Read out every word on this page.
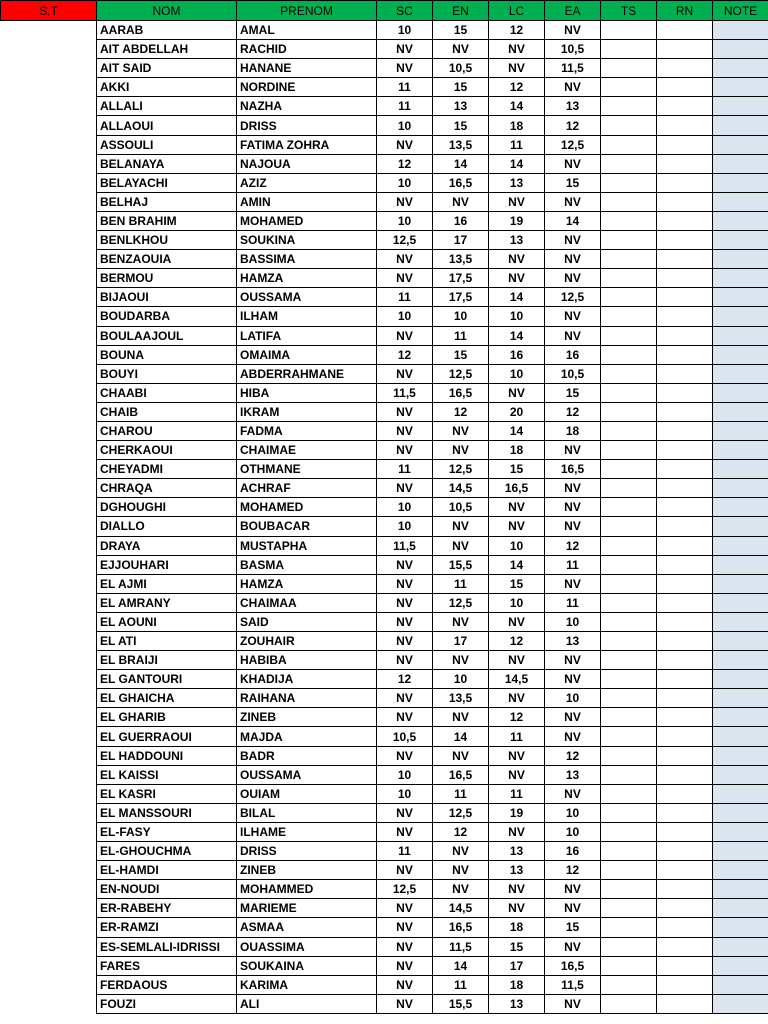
S.T	NOM	PRENOM	SC	EN	LC	EA	TS	RN	NOTE
	AARAB	AMAL	10	15	12	NV			
	AIT ABDELLAH	RACHID	NV	NV	NV	10,5			
	AIT SAID	HANANE	NV	10,5	NV	11,5			
	AKKI	NORDINE	11	15	12	NV			
	ALLALI	NAZHA	11	13	14	13			
	ALLAOUI	DRISS	10	15	18	12			
	ASSOULI	FATIMA ZOHRA	NV	13,5	11	12,5			
	BELANAYA	NAJOUA	12	14	14	NV			
	BELAYACHI	AZIZ	10	16,5	13	15			
	BELHAJ	AMIN	NV	NV	NV	NV			
	BEN BRAHIM	MOHAMED	10	16	19	14			
	BENLKHOU	SOUKINA	12,5	17	13	NV			
	BENZAOUIA	BASSIMA	NV	13,5	NV	NV			
	BERMOU	HAMZA	NV	17,5	NV	NV			
	BIJAOUI	OUSSAMA	11	17,5	14	12,5			
	BOUDARBA	ILHAM	10	10	10	NV			
	BOULAAJOUL	LATIFA	NV	11	14	NV			
	BOUNA	OMAIMA	12	15	16	16			
	BOUYI	ABDERRAHMANE	NV	12,5	10	10,5			
	CHAABI	HIBA	11,5	16,5	NV	15			
	CHAIB	IKRAM	NV	12	20	12			
	CHAROU	FADMA	NV	NV	14	18			
	CHERKAOUI	CHAIMAE	NV	NV	18	NV			
	CHEYADMI	OTHMANE	11	12,5	15	16,5			
	CHRAQA	ACHRAF	NV	14,5	16,5	NV			
	DGHOUGHI	MOHAMED	10	10,5	NV	NV			
	DIALLO	BOUBACAR	10	NV	NV	NV			
	DRAYA	MUSTAPHA	11,5	NV	10	12			
	EJJOUHARI	BASMA	NV	15,5	14	11			
	EL AJMI	HAMZA	NV	11	15	NV			
	EL AMRANY	CHAIMAA	NV	12,5	10	11			
	EL AOUNI	SAID	NV	NV	NV	10			
	EL ATI	ZOUHAIR	NV	17	12	13			
	EL BRAIJI	HABIBA	NV	NV	NV	NV			
	EL GANTOURI	KHADIJA	12	10	14,5	NV			
	EL GHAICHA	RAIHANA	NV	13,5	NV	10			
	EL GHARIB	ZINEB	NV	NV	12	NV			
	EL GUERRAOUI	MAJDA	10,5	14	11	NV			
	EL HADDOUNI	BADR	NV	NV	NV	12			
	EL KAISSI	OUSSAMA	10	16,5	NV	13			
	EL KASRI	OUIAM	10	11	11	NV			
	EL MANSSOURI	BILAL	NV	12,5	19	10			
	EL-FASY	ILHAME	NV	12	NV	10			
	EL-GHOUCHMA	DRISS	11	NV	13	16			
	EL-HAMDI	ZINEB	NV	NV	13	12			
	EN-NOUDI	MOHAMMED	12,5	NV	NV	NV			
	ER-RABEHY	MARIEME	NV	14,5	NV	NV			
	ER-RAMZI	ASMAA	NV	16,5	18	15			
	ES-SEMLALI-IDRISSI	OUASSIMA	NV	11,5	15	NV			
	FARES	SOUKAINA	NV	14	17	16,5			
	FERDAOUS	KARIMA	NV	11	18	11,5			
	FOUZI	ALI	NV	15,5	13	NV			
